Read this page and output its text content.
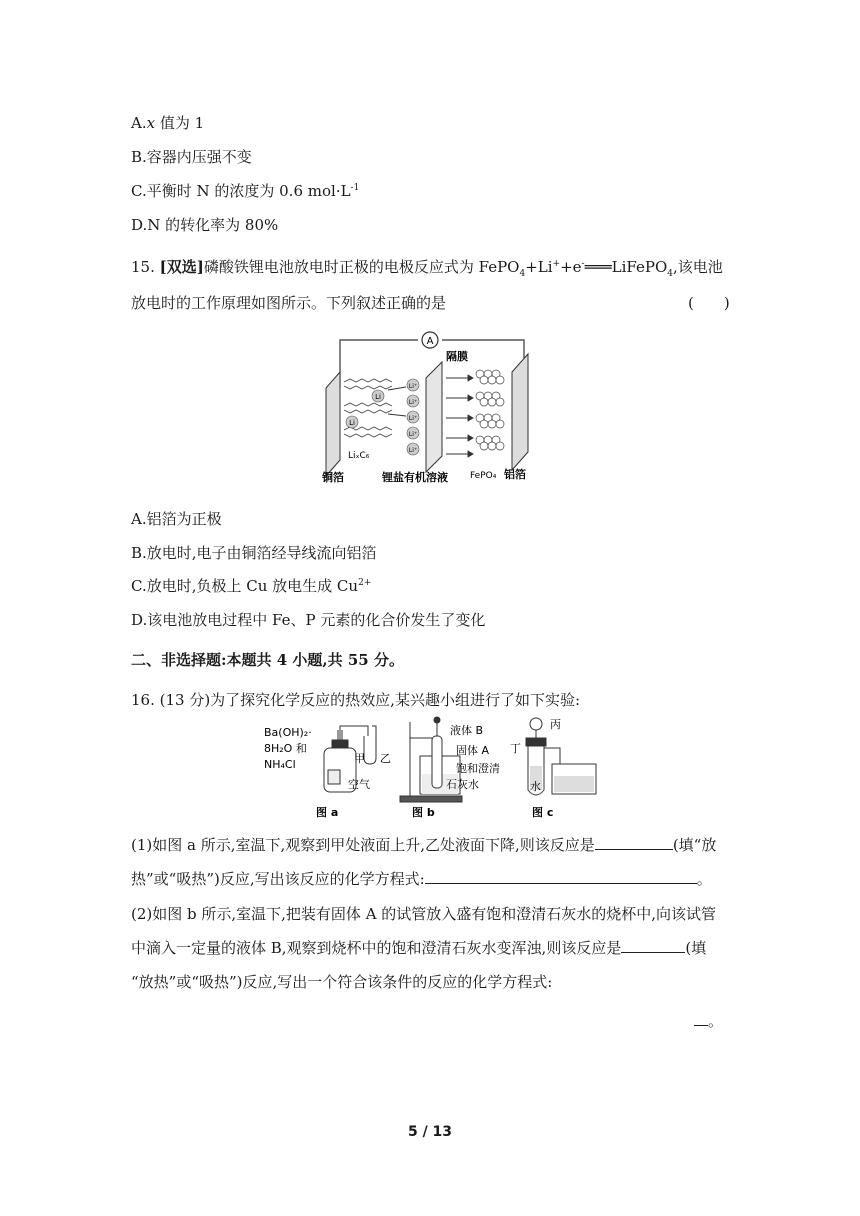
A.x 值为 1
B.容器内压强不变
C.平衡时 N 的浓度为 0.6 $mol\cdot L^{-1}$
D.N 的转化率为 80%
15. [双选]磷酸铁锂电池放电时正极的电极反应式为 FePO$_4$+Li++e-═══LiFePO$_4$,该电池
放电时的工作原理如图所示。下列叙述正确的是	(　　)
A
Li
Li
LiₓC₆
Li⁺
Li⁺
Li⁺
Li⁺
Li⁺
隔膜
铜箔	锂盐有机溶液 FePO₄ 铝箔
A.铝箔为正极
B.放电时,电子由铜箔经导线流向铝箔
C.放电时,负极上 Cu 放电生成 $Cu^{2+}$
D.该电池放电过程中 Fe、P 元素的化合价发生了变化
二、非选择题:本题共 4 小题,共 55 分。
16. (13 分)为了探究化学反应的热效应,某兴趣小组进行了如下实验:
Ba(OH)₂·
8H₂O 和
NH₄Cl	甲 乙
空气
图 a
液体 B
固体 A
饱和澄清
石灰水
图 b
丙
丁
水
图 c
(1)如图 a 所示,室温下,观察到甲处液面上升,乙处液面下降,则该反应是	(填“放
热”或“吸热”)反应,写出该反应的化学方程式:	。
(2)如图 b 所示,室温下,把装有固体 A 的试管放入盛有饱和澄清石灰水的烧杯中,向该试管
中滴入一定量的液体 B,观察到烧杯中的饱和澄清石灰水变浑浊,则该反应是	(填
“放热”或“吸热”)反应,写出一个符合该条件的反应的化学方程式:
。
5 / 13
